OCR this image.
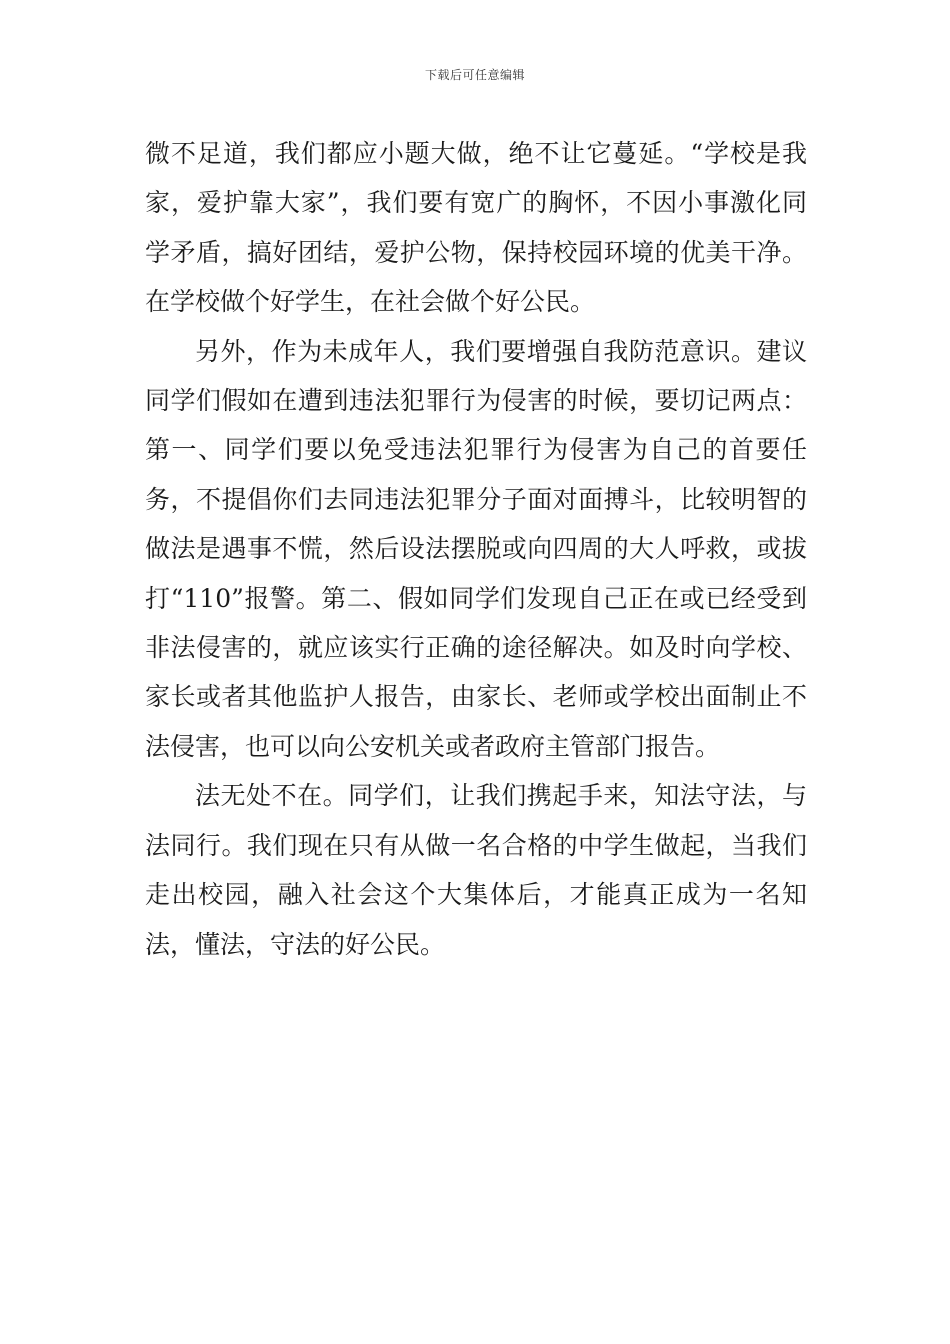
下载后可任意编辑

微不足道，我们都应小题大做，绝不让它蔓延。“学校是我家，爱护靠大家”，我们要有宽广的胸怀，不因小事激化同学矛盾，搞好团结，爱护公物，保持校园环境的优美干净。在学校做个好学生，在社会做个好公民。

另外，作为未成年人，我们要增强自我防范意识。建议同学们假如在遭到违法犯罪行为侵害的时候，要切记两点：第一、同学们要以免受违法犯罪行为侵害为自己的首要任务，不提倡你们去同违法犯罪分子面对面搏斗，比较明智的做法是遇事不慌，然后设法摆脱或向四周的大人呼救，或拔打“110”报警。第二、假如同学们发现自己正在或已经受到非法侵害的，就应该实行正确的途径解决。如及时向学校、家长或者其他监护人报告，由家长、老师或学校出面制止不法侵害，也可以向公安机关或者政府主管部门报告。

法无处不在。同学们，让我们携起手来，知法守法，与法同行。我们现在只有从做一名合格的中学生做起，当我们走出校园，融入社会这个大集体后，才能真正成为一名知法，懂法，守法的好公民。
